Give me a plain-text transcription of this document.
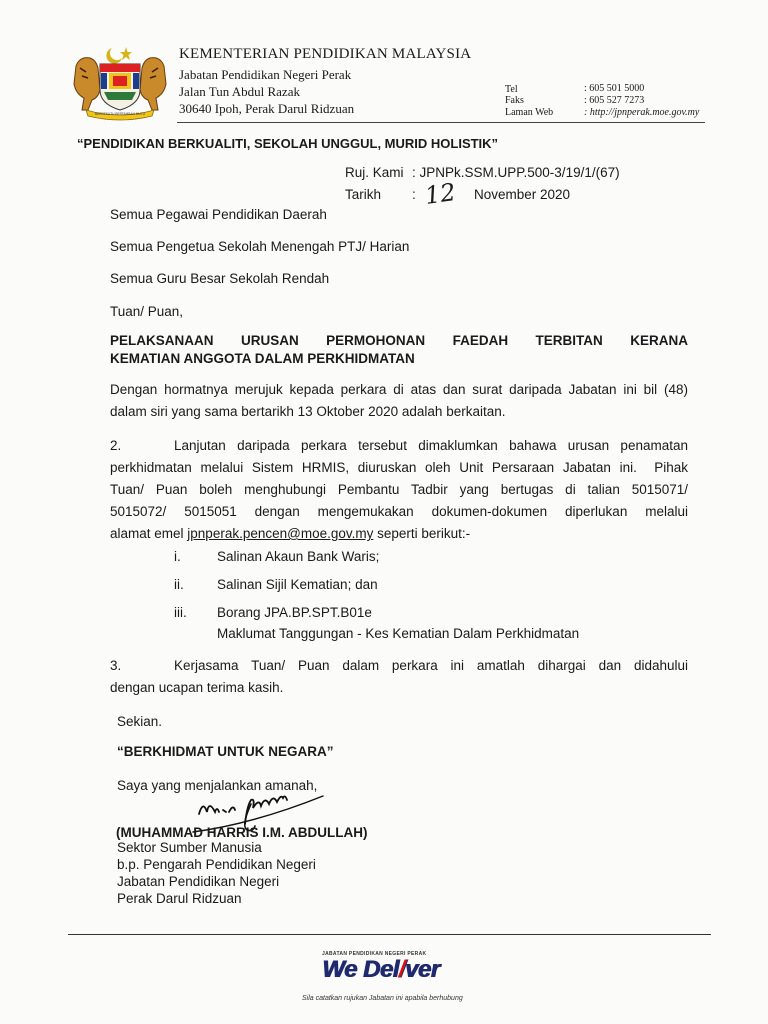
BERSEKUTU BERTAMBAH MUTU
KEMENTERIAN PENDIDIKAN MALAYSIA
Jabatan Pendidikan Negeri Perak
Jalan Tun Abdul Razak
30640 Ipoh, Perak Darul Ridzuan
Tel	: 605 501 5000
Faks	: 605 527 7273
Laman Web	: http://jpnperak.moe.gov.my
“PENDIDIKAN BERKUALITI, SEKOLAH UNGGUL, MURID HOLISTIK”
Ruj. Kami : JPNPk.SSM.UPP.500-3/19/1/(67)
Tarikh : 12 November 2020
Semua Pegawai Pendidikan Daerah
Semua Pengetua Sekolah Menengah PTJ/ Harian
Semua Guru Besar Sekolah Rendah
Tuan/ Puan,
PELAKSANAAN URUSAN PERMOHONAN FAEDAH TERBITAN KERANA
KEMATIAN ANGGOTA DALAM PERKHIDMATAN
Dengan hormatnya merujuk kepada perkara di atas dan surat daripada Jabatan ini bil (48) dalam siri yang sama bertarikh 13 Oktober 2020 adalah berkaitan.
2.	Lanjutan daripada perkara tersebut dimaklumkan bahawa urusan penamatan
perkhidmatan melalui Sistem HRMIS, diuruskan oleh Unit Persaraan Jabatan ini.  Pihak
Tuan/ Puan boleh menghubungi Pembantu Tadbir yang bertugas di talian 5015071/
5015072/ 5015051 dengan mengemukakan dokumen-dokumen diperlukan melalui
alamat emel jpnperak.pencen@moe.gov.my seperti berikut:-
i.	Salinan Akaun Bank Waris;
ii. Salinan Sijil Kematian; dan
iii. Borang JPA.BP.SPT.B01e
Maklumat Tanggungan - Kes Kematian Dalam Perkhidmatan
3.	Kerjasama Tuan/ Puan dalam perkara ini amatlah dihargai dan didahului
dengan ucapan terima kasih.
Sekian.
“BERKHIDMAT UNTUK NEGARA”
Saya yang menjalankan amanah,
(MUHAMMAD HARRIS I.M. ABDULLAH)
Sektor Sumber Manusia
b.p. Pengarah Pendidikan Negeri
Jabatan Pendidikan Negeri
Perak Darul Ridzuan
JABATAN PENDIDIKAN NEGERI PERAK
We Del/ver
Sila catatkan rujukan Jabatan ini apabila berhubung
